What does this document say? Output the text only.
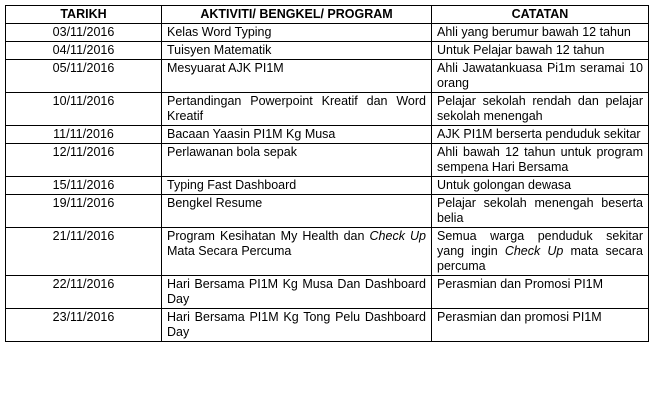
TARIKH	AKTIVITI/ BENGKEL/ PROGRAM	CATATAN
03/11/2016	Kelas Word Typing	Ahli yang berumur bawah 12 tahun
04/11/2016	Tuisyen Matematik	Untuk Pelajar bawah 12 tahun
05/11/2016	Mesyuarat AJK PI1M	Ahli Jawatankuasa Pi1m seramai 10 orang
10/11/2016	Pertandingan Powerpoint Kreatif dan Word Kreatif	Pelajar sekolah rendah dan pelajar sekolah menengah
11/11/2016	Bacaan Yaasin PI1M Kg Musa	AJK PI1M berserta penduduk sekitar
12/11/2016	Perlawanan bola sepak	Ahli bawah 12 tahun untuk program sempena Hari Bersama
15/11/2016	Typing Fast Dashboard	Untuk golongan dewasa
19/11/2016	Bengkel Resume	Pelajar sekolah menengah beserta belia
21/11/2016	Program Kesihatan My Health dan Check Up Mata Secara Percuma	Semua warga penduduk sekitar yang ingin Check Up mata secara percuma
22/11/2016	Hari Bersama PI1M Kg Musa Dan Dashboard Day	Perasmian dan Promosi PI1M
23/11/2016	Hari Bersama PI1M Kg Tong Pelu Dashboard Day	Perasmian dan promosi PI1M
